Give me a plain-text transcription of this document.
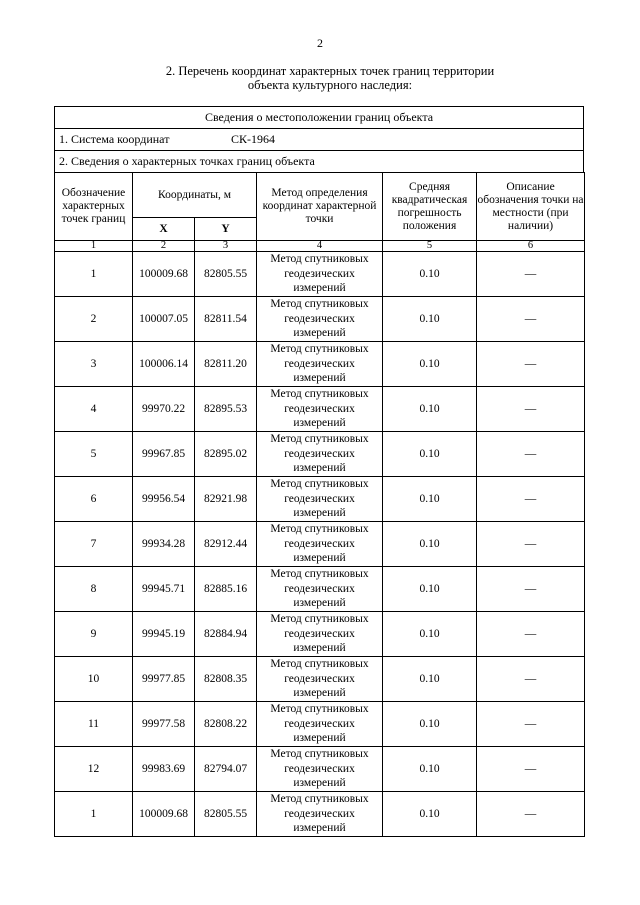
2
2. Перечень координат характерных точек границ территории
объекта культурного наследия:
Сведения о местоположении границ объекта
1. Система координат	СК-1964
2. Сведения о характерных точках границ объекта
Обозначение характерных точек границ	Координаты, м		Метод определения координат характерной точки	Средняя квадратическая погрешность положения	Описание обозначения точки на местности (при наличии)
	X	Y			
1	2	3	4	5	6
1	100009.68	82805.55	Метод спутниковых геодезических измерений	0.10	—
2	100007.05	82811.54	Метод спутниковых геодезических измерений	0.10	—
3	100006.14	82811.20	Метод спутниковых геодезических измерений	0.10	—
4	99970.22	82895.53	Метод спутниковых геодезических измерений	0.10	—
5	99967.85	82895.02	Метод спутниковых геодезических измерений	0.10	—
6	99956.54	82921.98	Метод спутниковых геодезических измерений	0.10	—
7	99934.28	82912.44	Метод спутниковых геодезических измерений	0.10	—
8	99945.71	82885.16	Метод спутниковых геодезических измерений	0.10	—
9	99945.19	82884.94	Метод спутниковых геодезических измерений	0.10	—
10	99977.85	82808.35	Метод спутниковых геодезических измерений	0.10	—
11	99977.58	82808.22	Метод спутниковых геодезических измерений	0.10	—
12	99983.69	82794.07	Метод спутниковых геодезических измерений	0.10	—
1	100009.68	82805.55	Метод спутниковых геодезических измерений	0.10	—
